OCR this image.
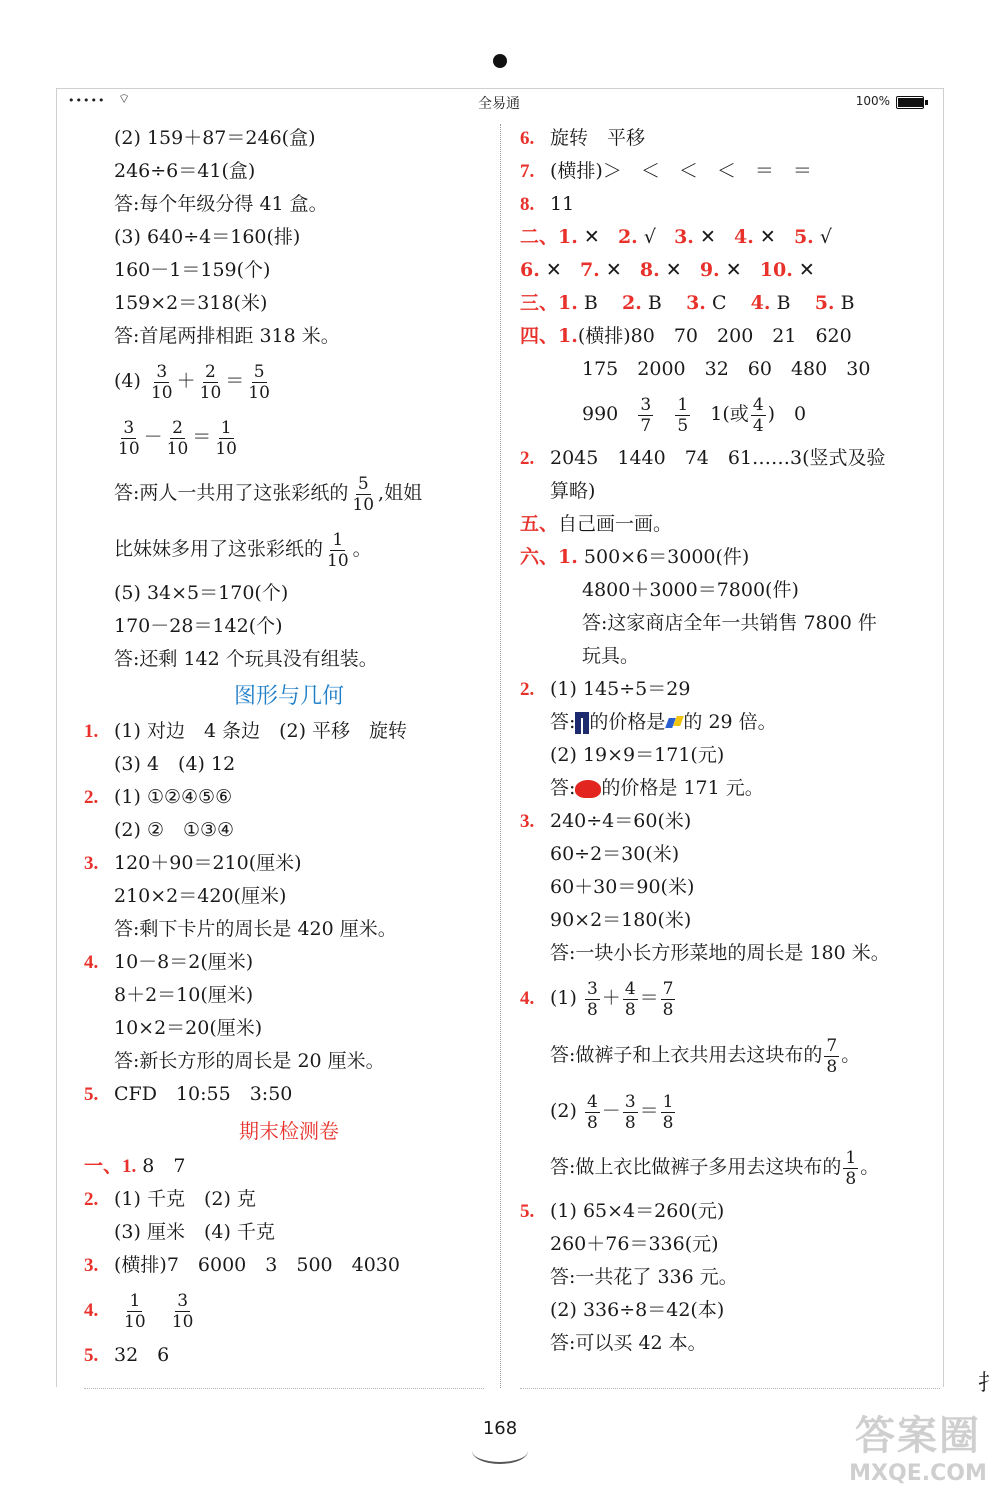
••••• ⌔	全易通	100%
(2) 159＋87＝246(盒)
246÷6＝41(盒)
答:每个年级分得 41 盒。
(3) 640÷4＝160(排)
160－1＝159(个)
159×2＝318(米)
答:首尾两排相距 318 米。
$(4) \frac{3}{10} + \frac{2}{10} = \frac{5}{10}$
$\frac{3}{10} - \frac{2}{10} = \frac{1}{10}$
答:两人一共用了这张彩纸的 $\frac{5}{10}$ ,姐姐
比妹妹多用了这张彩纸的 $\frac{1}{10}$ 。
(5) 34×5＝170(个)
170－28＝142(个)
答:还剩 142 个玩具没有组装。
图形与几何
1. (1) 对边　4 条边　(2) 平移　旋转
(3) 4　(4) 12
2. (1) ①②④⑤⑥
(2) ②　①③④
3. 120＋90＝210(厘米)
210×2＝420(厘米)
答:剩下卡片的周长是 420 厘米。
4. 10－8＝2(厘米)
8＋2＝10(厘米)
10×2＝20(厘米)
答:新长方形的周长是 20 厘米。
5. CFD　10:55　3:50
期末检测卷
一、1. 8　7
2. (1) 千克　(2) 克
(3) 厘米　(4) 千克
3. (横排)7　6000　3　500　4030
4. $\frac{1}{10}$
$\frac{3}{10}$
5. 32　6
6. 旋转　平移
7. (横排)＞　＜　＜　＜　＝　＝
8. 11
二、1. ✕ 2. √ 3. ✕ 4. ✕ 5. √
6. ✕ 7. ✕ 8. ✕ 9. ✕ 10. ✕
三、1. B 2. B 3. C 4. B 5. B
四、1.(横排)80　70　200　21　620
175　2000　32　60　480　30
$990 \frac{3}{7}$
$\frac{1}{5} 1$(或 $\frac{4}{4}$ )　0
2. 2045　1440　74　61……3(竖式及验
算略)
五、自己画一画。
六、1. 500×6＝3000(件)
4800＋3000＝7800(件)
答:这家商店全年一共销售 7800 件
玩具。
2. (1) 145÷5＝29
答: 的价格是 的 29 倍。
(2) 19×9＝171(元)
答: 的价格是 171 元。
3. 240÷4＝60(米)
60÷2＝30(米)
60＋30＝90(米)
90×2＝180(米)
答:一块小长方形菜地的周长是 180 米。
4. $(1) \frac{3}{8} + \frac{4}{8} = \frac{7}{8}$
答:做裤子和上衣共用去这块布的 $\frac{7}{8}$ 。
$(2) \frac{4}{8} - \frac{3}{8} = \frac{1}{8}$
答:做上衣比做裤子多用去这块布的 $\frac{1}{8}$ 。
5. (1) 65×4＝260(元)
260＋76＝336(元)
答:一共花了 336 元。
(2) 336÷8＝42(本)
答:可以买 42 本。
扌
168	答案圈
MXQE.COM
